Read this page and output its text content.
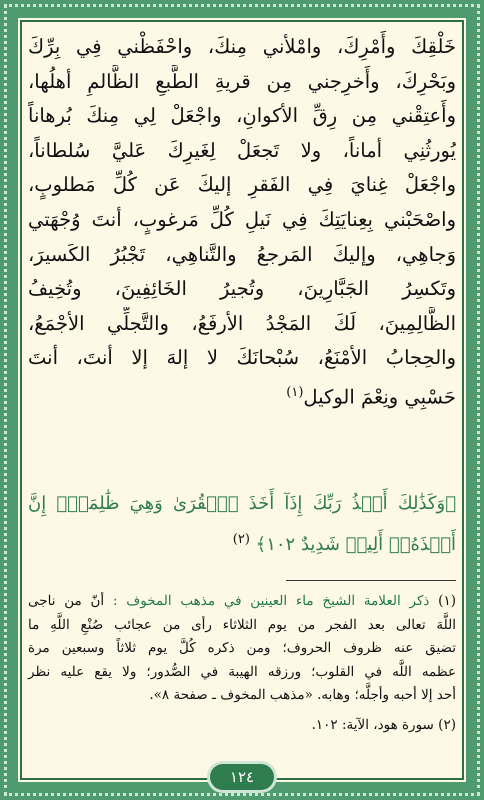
خَلْقِكَ وأَمْرِكَ، وامْلأني مِنكَ، واحْفَظْني فِي بِرِّكَ
وبَحْرِكَ، وأَخرِجني مِن قريةِ الطَّبعِ الظَّالمِ أهلُها،
وأَعتِقْني مِن رِقِّ الأكوانِ، واجْعَلْ لِي مِنكَ بُرهاناً
يُورثُنِي أماناً، ولا تَجعَلْ لِغَيرِكَ عَليَّ سُلطاناً،
واجْعَلْ غِنايَ فِي الفَقرِ إليكَ عَن كُلِّ مَطلوبٍ،
واصْحَبْني بِعِنايَتِكَ فِي نَيلِ كُلِّ مَرغوبٍ، أنتَ وُجْهَتي
وَجاهِي، وإليكَ المَرجعُ والتَّناهِي، تَجْبُرُ الكَسيرَ،
وتَكسِرُ الجَبَّارِينَ، وتُجيرُ الخَائِفِينَ، وتُخِيفُ
الظَّالِمِينَ، لَكَ المَجْدُ الأرفَعُ، والتَّجلِّي الأجْمَعُ،
والحِجابُ الأمْنَعُ، سُبْحانَكَ لا إلهَ إلا أنتَ، أنتَ
حَسْبِي ونِعْمَ الوكيل$^{(١)}$
﴿وَكَذَٰلِكَ أَخۡذُ رَبِّكَ إِذَآ أَخَذَ ٱلۡقُرَىٰ وَهِيَ ظَٰلِمَةٌۚ إِنَّ
أَخۡذَهُۥٓ أَلِيمٞ شَدِيدٌ ١٠٢﴾ $^{(٢)}$
(١) ذكر العلامة الشيخ ماء العينين في مذهب المخوف : أنّ من ناجى
اللَّهَ تعالى بعد الفجر من يوم الثلاثاء رأى من عجائب صُنْعِ اللَّهِ ما
تضيق عنه ظروف الحروف؛ ومن ذكره كُلَّ يوم ثلاثاً وسبعين مرة
عظمه اللَّه في القلوب؛ ورزقه الهيبة في الصُّدور؛ ولا يقع عليه نظر
أحد إلا أحبه وأجلَّه؛ وهابه. «مذهب المخوف ـ صفحة ٨».
(٢) سورة هود، الآية: ١٠٢.
١٢٤
